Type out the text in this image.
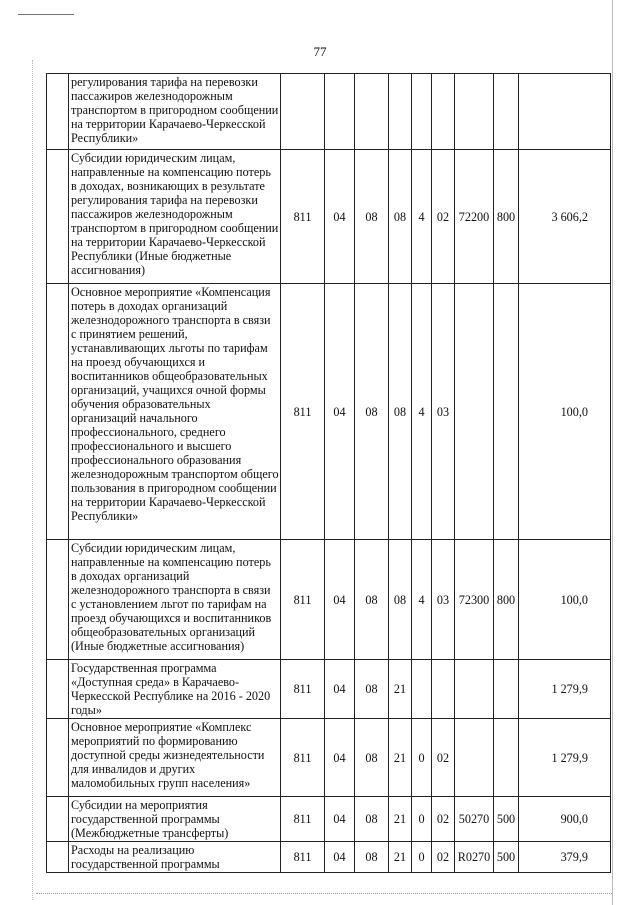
77
	регулирования тарифа на перевозки пассажиров железнодорожным транспортом в пригородном сообщении на территории Карачаево-Черкесской Республики»									
	Субсидии юридическим лицам, направленные на компенсацию потерь в доходах, возникающих в результате регулирования тарифа на перевозки пассажиров железнодорожным транспортом в пригородном сообщении на территории Карачаево-Черкесской Республики (Иные бюджетные ассигнования)	811	04	08	08	4	02	72200	800	3 606,2
	Основное мероприятие «Компенсация потерь в доходах организаций железнодорожного транспорта в связи с принятием решений, устанавливающих льготы по тарифам на проезд обучающихся и воспитанников общеобразовательных организаций, учащихся очной формы обучения образовательных организаций начального профессионального, среднего профессионального и высшего профессионального образования железнодорожным транспортом общего пользования в пригородном сообщении на территории Карачаево-Черкесской Республики»	811	04	08	08	4	03			100,0
	Субсидии юридическим лицам, направленные на компенсацию потерь в доходах организаций железнодорожного транспорта в связи с установлением льгот по тарифам на проезд обучающихся и воспитанников общеобразовательных организаций (Иные бюджетные ассигнования)	811	04	08	08	4	03	72300	800	100,0
	Государственная программа «Доступная среда» в Карачаево-Черкесской Республике на 2016 - 2020 годы»	811	04	08	21					1 279,9
	Основное мероприятие «Комплекс мероприятий по формированию доступной среды жизнедеятельности для инвалидов и других маломобильных групп населения»	811	04	08	21	0	02			1 279,9
	Субсидии на мероприятия государственной программы (Межбюджетные трансферты)	811	04	08	21	0	02	50270	500	900,0
	Расходы на реализацию государственной программы	811	04	08	21	0	02	R0270	500	379,9
